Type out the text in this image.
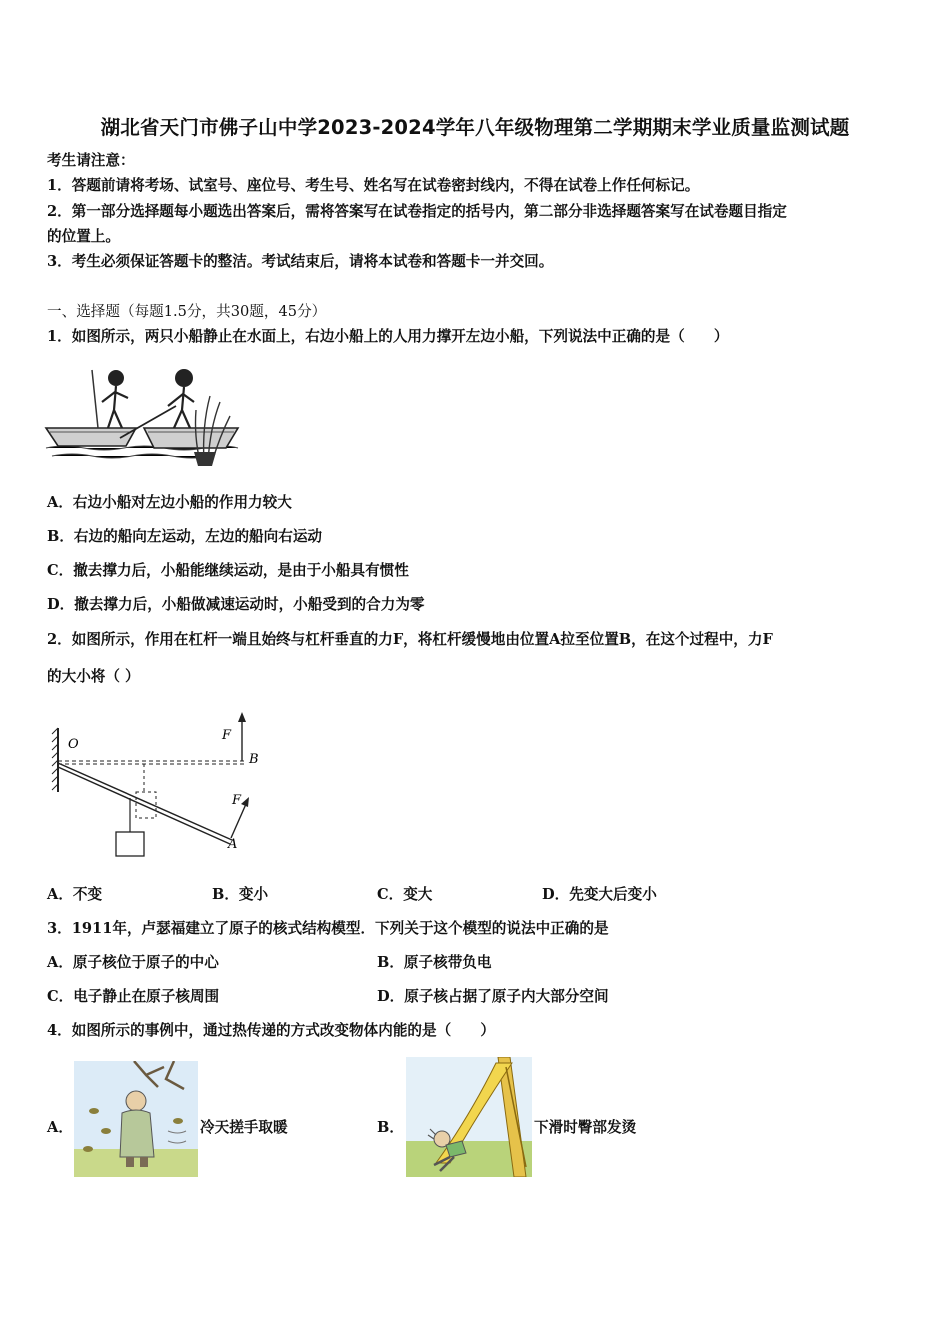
湖北省天门市佛子山中学2023-2024学年八年级物理第二学期期末学业质量监测试题
考生请注意：
1．答题前请将考场、试室号、座位号、考生号、姓名写在试卷密封线内，不得在试卷上作任何标记。
2．第一部分选择题每小题选出答案后，需将答案写在试卷指定的括号内，第二部分非选择题答案写在试卷题目指定
的位置上。
3．考生必须保证答题卡的整洁。考试结束后，请将本试卷和答题卡一并交回。
一、选择题（每题1.5分，共30题，45分）
1．如图所示，两只小船静止在水面上，右边小船上的人用力撑开左边小船，下列说法中正确的是（　　）
A．右边小船对左边小船的作用力较大
B．右边的船向左运动，左边的船向右运动
C．撤去撑力后，小船能继续运动，是由于小船具有惯性
D．撤去撑力后，小船做减速运动时，小船受到的合力为零
2．如图所示，作用在杠杆一端且始终与杠杆垂直的力F，将杠杆缓慢地由位置A拉至位置B，在这个过程中，力F
的大小将（ ）
O
F
B
F
A
A．不变	B．变小	C．变大	D．先变大后变小
3．1911年，卢瑟福建立了原子的核式结构模型．下列关于这个模型的说法中正确的是
A．原子核位于原子的中心	B．原子核带负电
C．电子静止在原子核周围	D．原子核占据了原子内大部分空间
4．如图所示的事例中，通过热传递的方式改变物体内能的是（　　）
A．	冷天搓手取暖	B．	下滑时臀部发烫
